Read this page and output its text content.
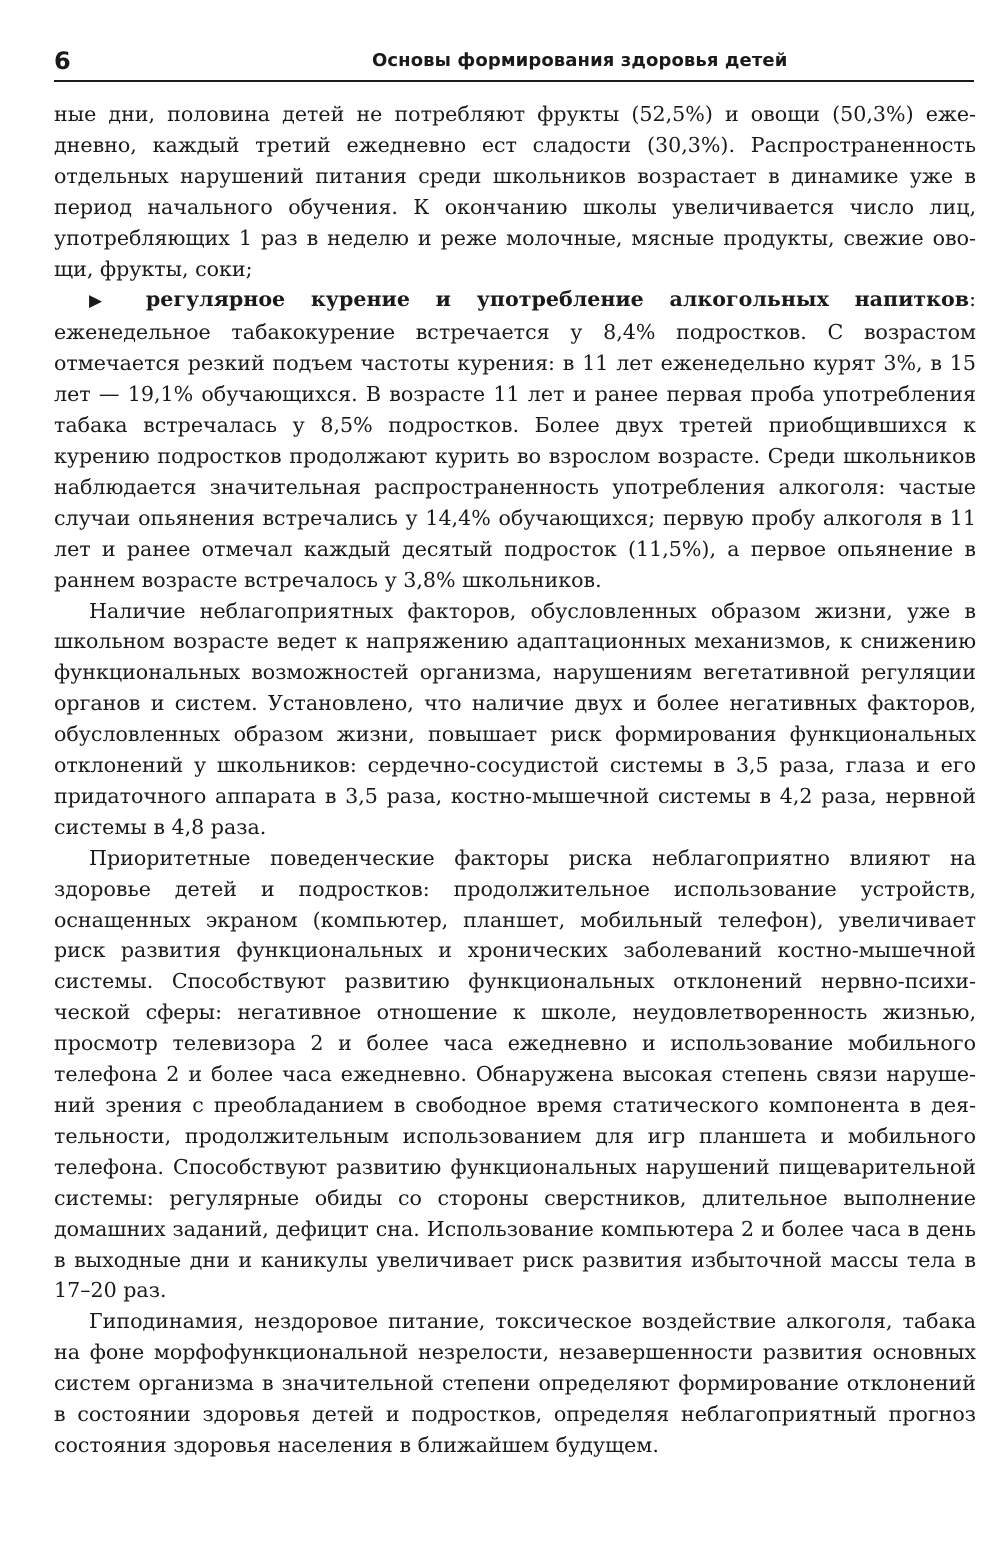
6	Основы формирования здоровья детей

ные дни, половина детей не потребляют фрукты (52,5%) и овощи (50,3%) ежедневно, каждый третий ежедневно ест сладости (30,3%). Распространенность отдельных нарушений питания среди школьников возрастает в динамике уже в период начального обучения. К окончанию школы увеличивается число лиц, употребляющих 1 раз в неделю и реже молочные, мясные продукты, свежие овощи, фрукты, соки;

▶ регулярное курение и употребление алкогольных напитков: еженедельное табакокурение встречается у 8,4% подростков. С возрастом отмечается резкий подъем частоты курения: в 11 лет еженедельно курят 3%, в 15 лет — 19,1% обучающихся. В возрасте 11 лет и ранее первая проба употребления табака встречалась у 8,5% подростков. Более двух третей приобщившихся к курению подростков продолжают курить во взрослом возрасте. Среди школьников наблюдается значительная распространенность употребления алкоголя: частые случаи опьянения встречались у 14,4% обучающихся; первую пробу алкоголя в 11 лет и ранее отмечал каждый десятый подросток (11,5%), а первое опьянение в раннем возрасте встречалось у 3,8% школьников.

Наличие неблагоприятных факторов, обусловленных образом жизни, уже в школьном возрасте ведет к напряжению адаптационных механизмов, к снижению функциональных возможностей организма, нарушениям вегетативной регуляции органов и систем. Установлено, что наличие двух и более негативных факторов, обусловленных образом жизни, повышает риск формирования функциональных отклонений у школьников: сердечно-сосудистой системы в 3,5 раза, глаза и его придаточного аппарата в 3,5 раза, костно-мышечной системы в 4,2 раза, нервной системы в 4,8 раза.

Приоритетные поведенческие факторы риска неблагоприятно влияют на здоровье детей и подростков: продолжительное использование устройств, оснащенных экраном (компьютер, планшет, мобильный телефон), увеличивает риск развития функциональных и хронических заболеваний костно-мышечной системы. Способствуют развитию функциональных отклонений нервно-психической сферы: негативное отношение к школе, неудовлетворенность жизнью, просмотр телевизора 2 и более часа ежедневно и использование мобильного телефона 2 и более часа ежедневно. Обнаружена высокая степень связи нарушений зрения с преобладанием в свободное время статического компонента в деятельности, продолжительным использованием для игр планшета и мобильного телефона. Способствуют развитию функциональных нарушений пищеварительной системы: регулярные обиды со стороны сверстников, длительное выполнение домашних заданий, дефицит сна. Использование компьютера 2 и более часа в день в выходные дни и каникулы увеличивает риск развития избыточной массы тела в 17–20 раз.

Гиподинамия, нездоровое питание, токсическое воздействие алкоголя, табака на фоне морфофункциональной незрелости, незавершенности развития основных систем организма в значительной степени определяют формирование отклонений в состоянии здоровья детей и подростков, определяя неблагоприятный прогноз состояния здоровья населения в ближайшем будущем.
